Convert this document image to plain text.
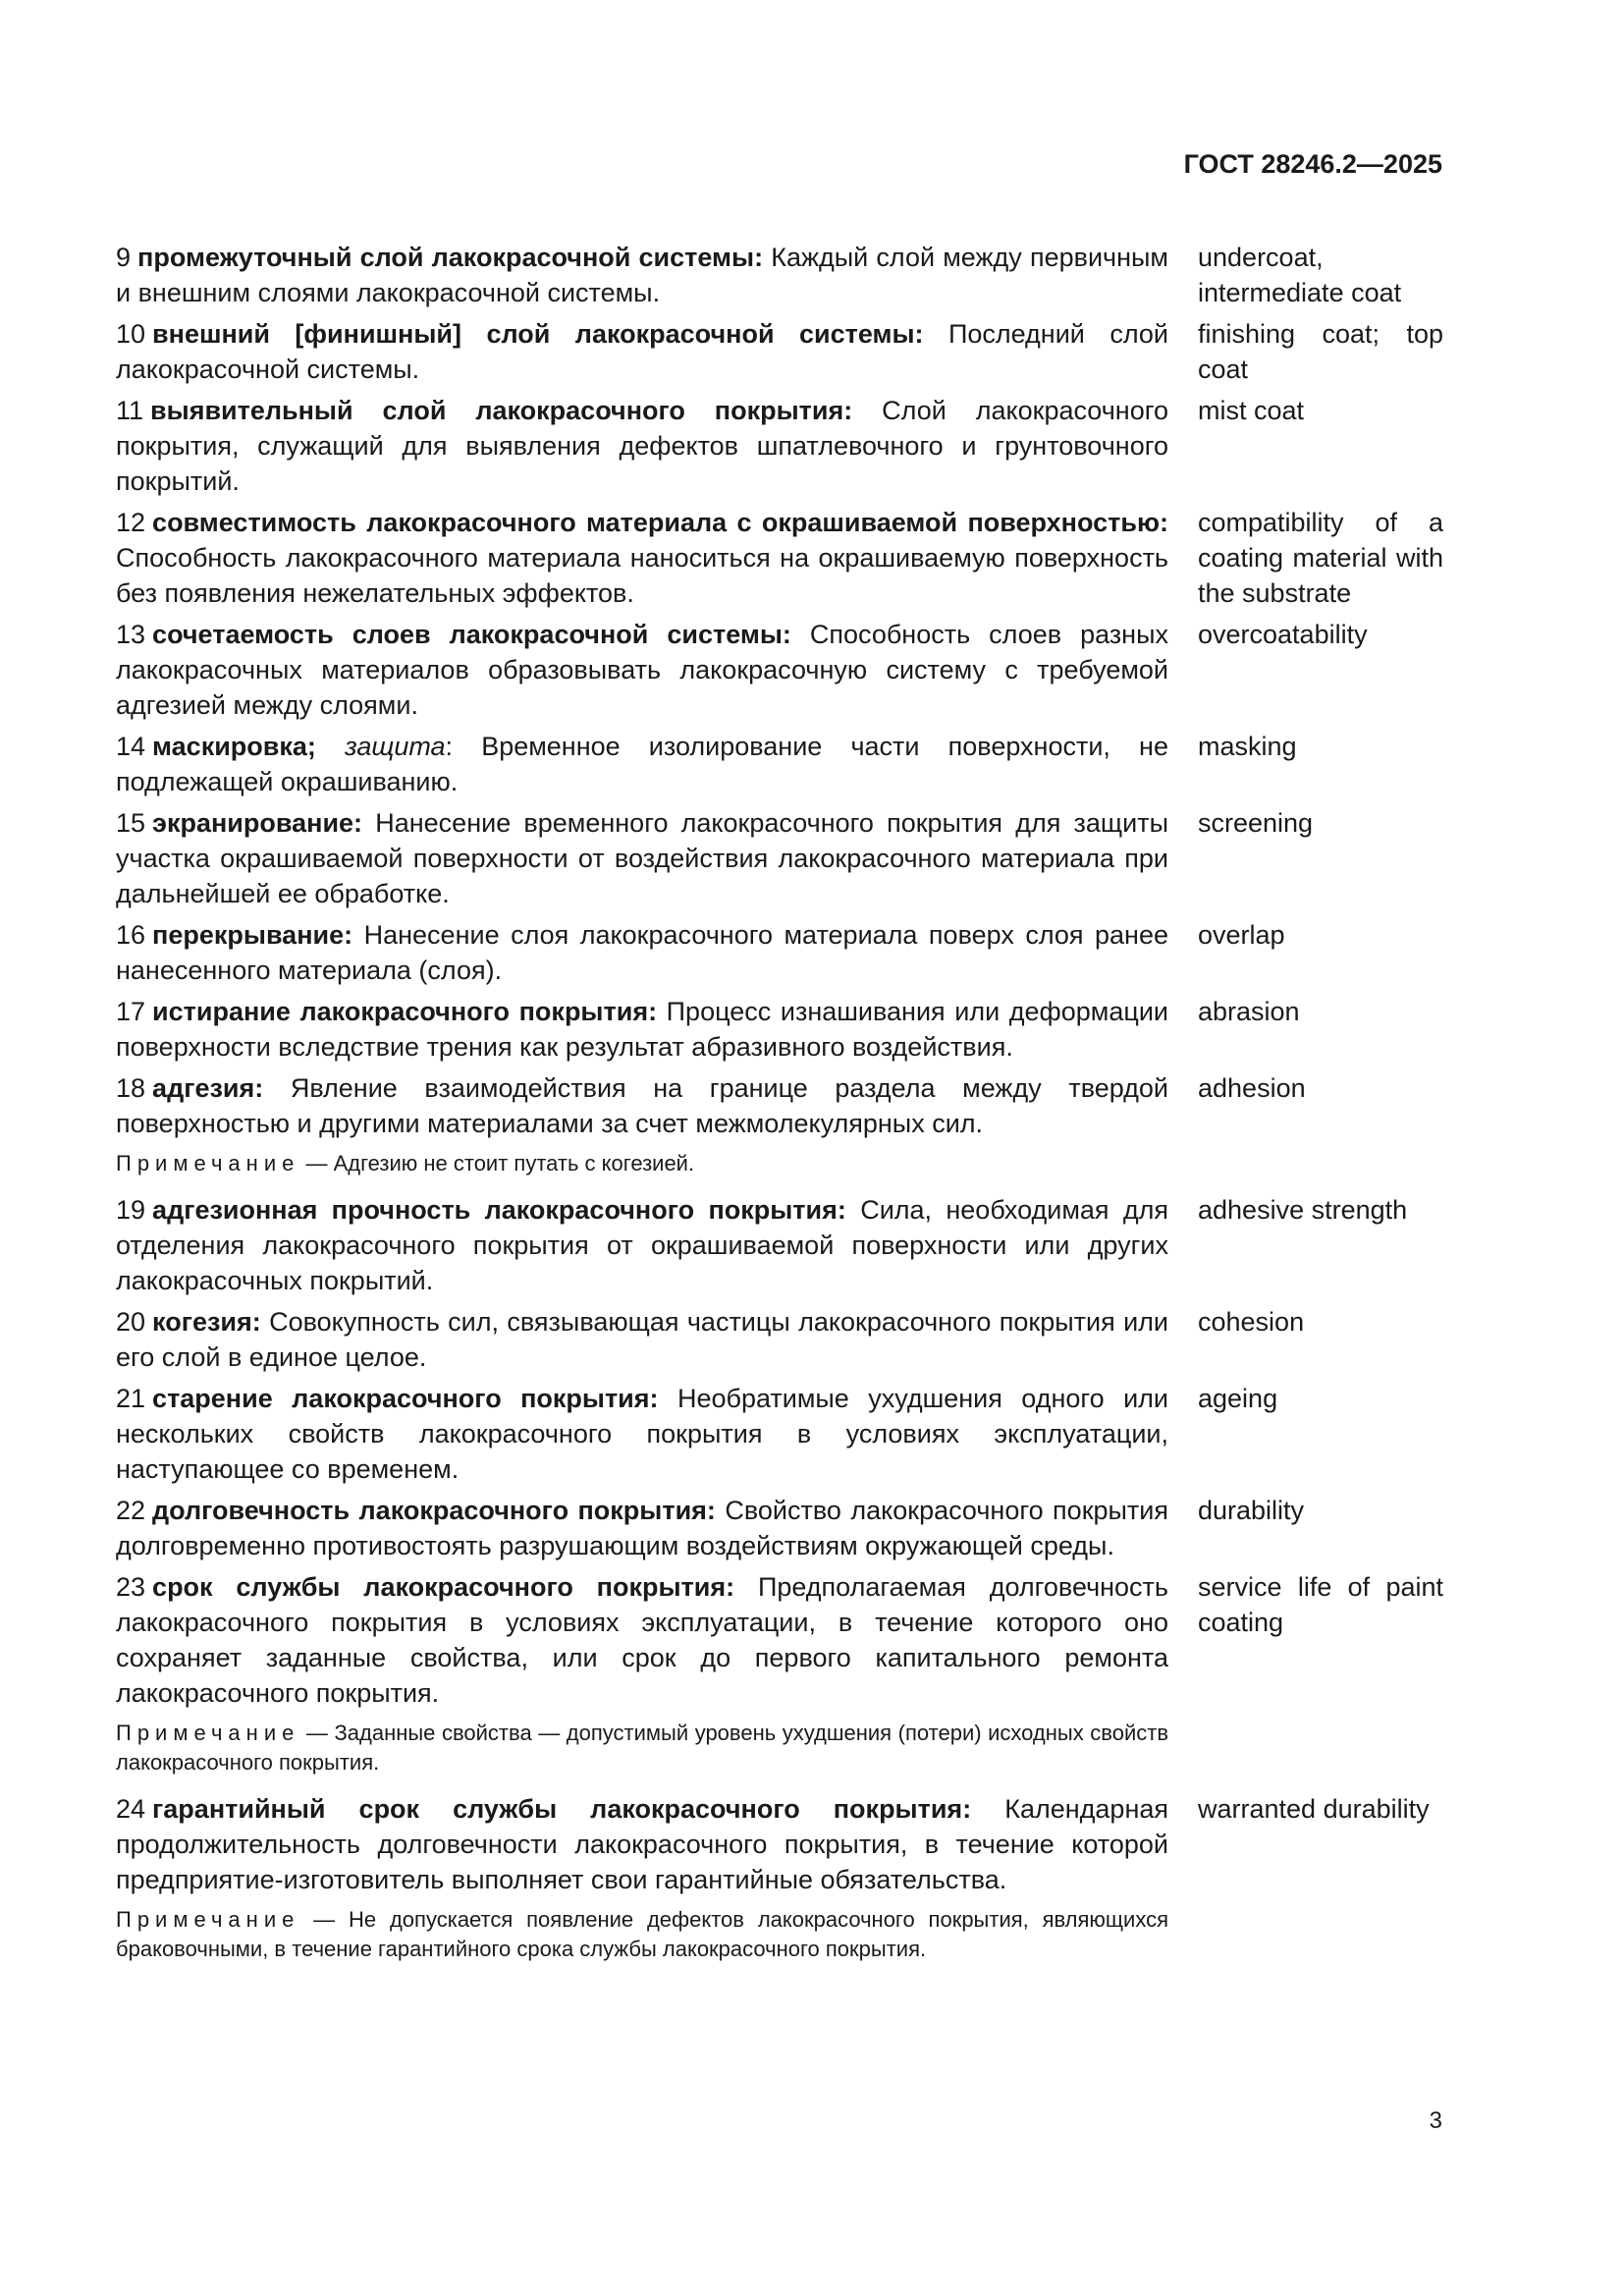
ГОСТ 28246.2—2025
9 промежуточный слой лакокрасочной системы: Каждый слой между первичным и внешним слоями лакокрасочной системы.
undercoat, intermediate coat
10 внешний [финишный] слой лакокрасочной системы: Последний слой лакокрасочной системы.
finishing coat; top coat
11 выявительный слой лакокрасочного покрытия: Слой лакокрасочного покрытия, служащий для выявления дефектов шпатлевочного и грунтовочного покрытий.
mist coat
12 совместимость лакокрасочного материала с окрашиваемой поверхностью: Способность лакокрасочного материала наноситься на окрашиваемую поверхность без появления нежелательных эффектов.
compatibility of a coating material with the substrate
13 сочетаемость слоев лакокрасочной системы: Способность слоев разных лакокрасочных материалов образовывать лакокрасочную систему с требуемой адгезией между слоями.
overcoatability
14 маскировка; защита: Временное изолирование части поверхности, не подлежащей окрашиванию.
masking
15 экранирование: Нанесение временного лакокрасочного покрытия для защиты участка окрашиваемой поверхности от воздействия лакокрасочного материала при дальнейшей ее обработке.
screening
16 перекрывание: Нанесение слоя лакокрасочного материала поверх слоя ранее нанесенного материала (слоя).
overlap
17 истирание лакокрасочного покрытия: Процесс изнашивания или деформации поверхности вследствие трения как результат абразивного воздействия.
abrasion
18 адгезия: Явление взаимодействия на границе раздела между твердой поверхностью и другими материалами за счет межмолекулярных сил.
adhesion
Примечание — Адгезию не стоит путать с когезией.
19 адгезионная прочность лакокрасочного покрытия: Сила, необходимая для отделения лакокрасочного покрытия от окрашиваемой поверхности или других лакокрасочных покрытий.
adhesive strength
20 когезия: Совокупность сил, связывающая частицы лакокрасочного покрытия или его слой в единое целое.
cohesion
21 старение лакокрасочного покрытия: Необратимые ухудшения одного или нескольких свойств лакокрасочного покрытия в условиях эксплуатации, наступающее со временем.
ageing
22 долговечность лакокрасочного покрытия: Свойство лакокрасочного покрытия долговременно противостоять разрушающим воздействиям окружающей среды.
durability
23 срок службы лакокрасочного покрытия: Предполагаемая долговечность лакокрасочного покрытия в условиях эксплуатации, в течение которого оно сохраняет заданные свойства, или срок до первого капитального ремонта лакокрасочного покрытия.
service life of paint coating
Примечание — Заданные свойства — допустимый уровень ухудшения (потери) исходных свойств лакокрасочного покрытия.
24 гарантийный срок службы лакокрасочного покрытия: Календарная продолжительность долговечности лакокрасочного покрытия, в течение которой предприятие-изготовитель выполняет свои гарантийные обязательства.
warranted durability
Примечание — Не допускается появление дефектов лакокрасочного покрытия, являющихся браковочными, в течение гарантийного срока службы лакокрасочного покрытия.
3
